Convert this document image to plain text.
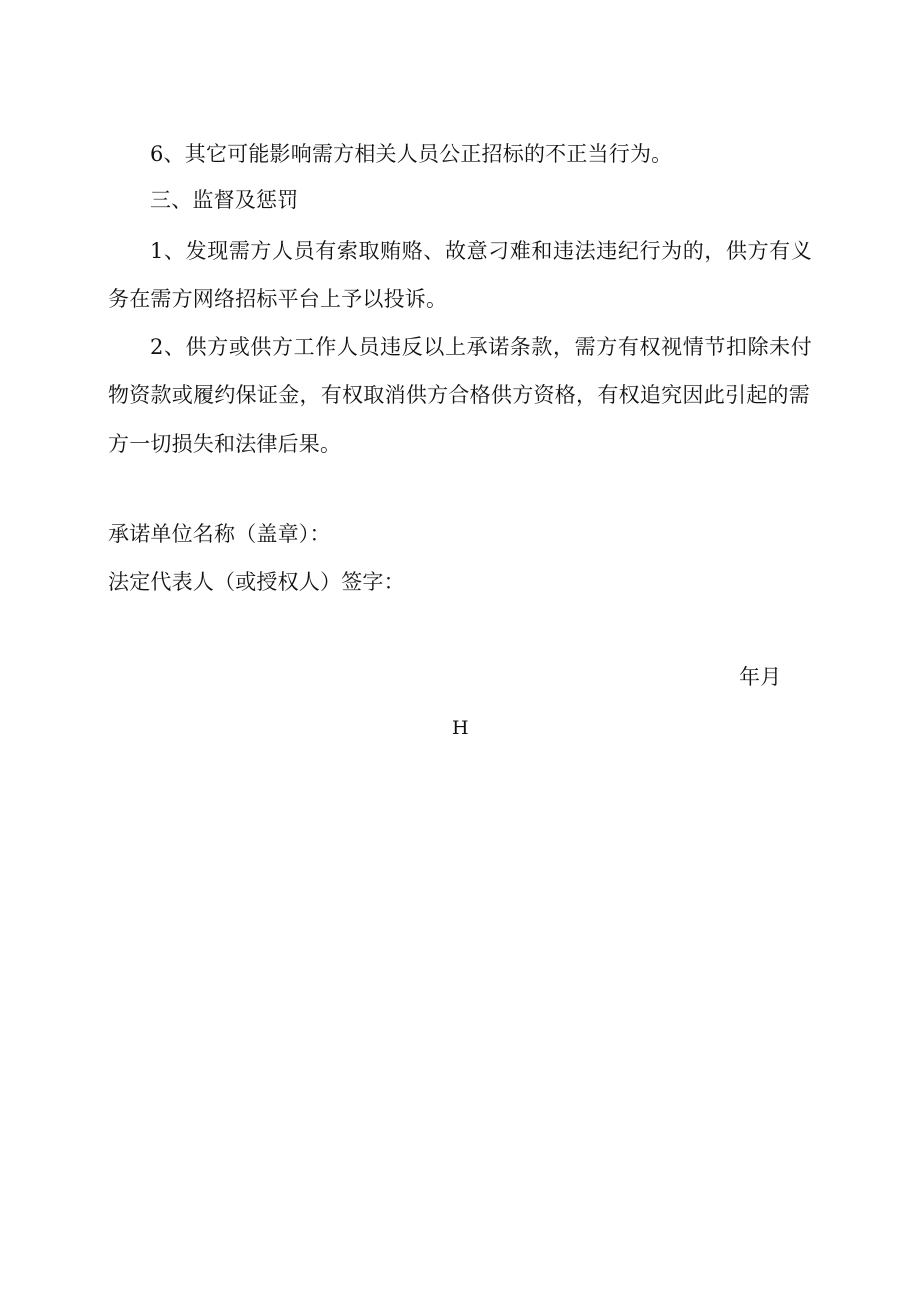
6、其它可能影响需方相关人员公正招标的不正当行为。
三、监督及惩罚
1、发现需方人员有索取贿赂、故意刁难和违法违纪行为的，供方有义
务在需方网络招标平台上予以投诉。
2、供方或供方工作人员违反以上承诺条款，需方有权视情节扣除未付
物资款或履约保证金，有权取消供方合格供方资格，有权追究因此引起的需
方一切损失和法律后果。
承诺单位名称（盖章）：
法定代表人（或授权人）签字：
年月
H
